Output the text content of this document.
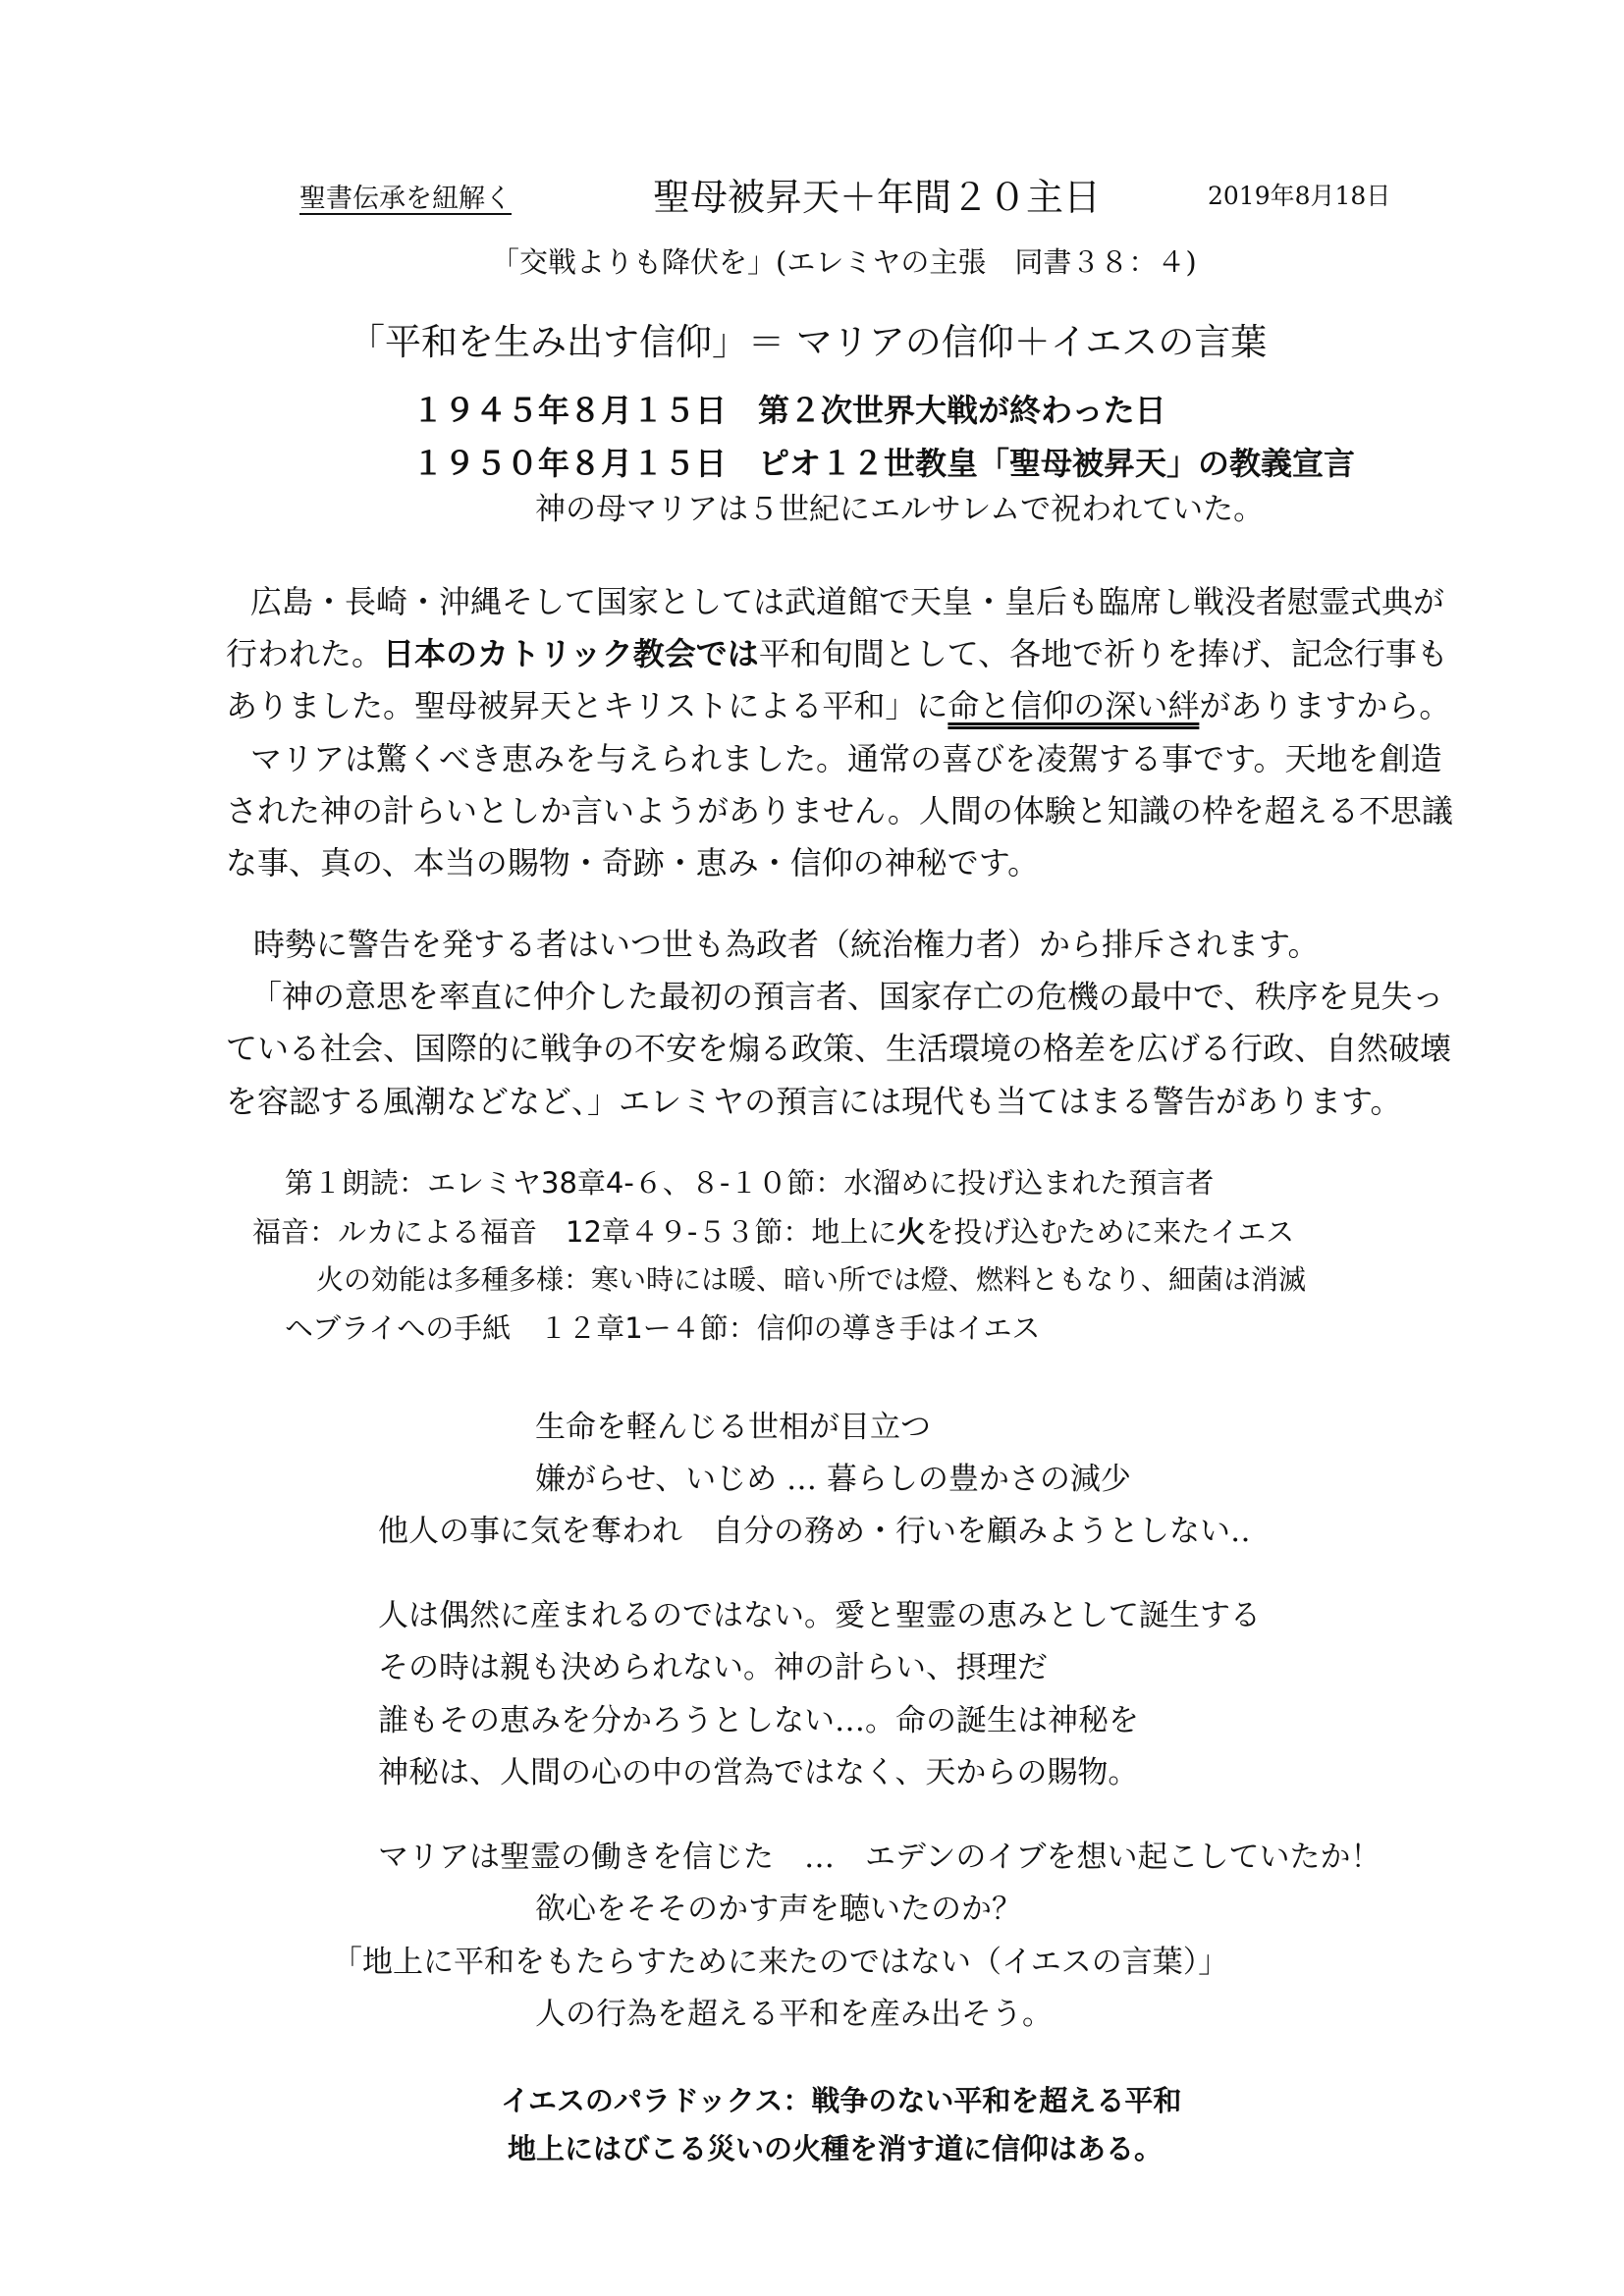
聖書伝承を紐解く	聖母被昇天＋年間２０主日	2019年8月18日
「交戦よりも降伏を」(エレミヤの主張　同書３８：４)
「平和を生み出す信仰」＝ マリアの信仰＋イエスの言葉
１９４５年８月１５日　第２次世界大戦が終わった日
１９５０年８月１５日　ピオ１２世教皇「聖母被昇天」の教義宣言
神の母マリアは５世紀にエルサレムで祝われていた。
広島・長崎・沖縄そして国家としては武道館で天皇・皇后も臨席し戦没者慰霊式典が
行われた。日本のカトリック教会では平和旬間として、各地で祈りを捧げ、記念行事も
ありました。聖母被昇天とキリストによる平和」に命と信仰の深い絆がありますから。
マリアは驚くべき恵みを与えられました。通常の喜びを凌駕する事です。天地を創造
された神の計らいとしか言いようがありません。人間の体験と知識の枠を超える不思議
な事、真の、本当の賜物・奇跡・恵み・信仰の神秘です。
時勢に警告を発する者はいつ世も為政者（統治権力者）から排斥されます。
「神の意思を率直に仲介した最初の預言者、国家存亡の危機の最中で、秩序を見失っ
ている社会、国際的に戦争の不安を煽る政策、生活環境の格差を広げる行政、自然破壊
を容認する風潮などなど、」エレミヤの預言には現代も当てはまる警告があります。
第１朗読：エレミヤ38章4-６、８-１０節：水溜めに投げ込まれた預言者
福音：ルカによる福音　12章４９-５３節：地上に火を投げ込むために来たイエス
火の効能は多種多様：寒い時には暖、暗い所では燈、燃料ともなり、細菌は消滅
ヘブライへの手紙　１２章1ー４節：信仰の導き手はイエス
生命を軽んじる世相が目立つ
嫌がらせ、いじめ … 暮らしの豊かさの減少
他人の事に気を奪われ　自分の務め・行いを顧みようとしない‥
人は偶然に産まれるのではない。愛と聖霊の恵みとして誕生する
その時は親も決められない。神の計らい、摂理だ
誰もその恵みを分かろうとしない…。命の誕生は神秘を
神秘は、人間の心の中の営為ではなく、天からの賜物。
マリアは聖霊の働きを信じた　…　エデンのイブを想い起こしていたか！
欲心をそそのかす声を聴いたのか？
「地上に平和をもたらすために来たのではない（イエスの言葉）」
人の行為を超える平和を産み出そう。
イエスのパラドックス：戦争のない平和を超える平和
地上にはびこる災いの火種を消す道に信仰はある。
